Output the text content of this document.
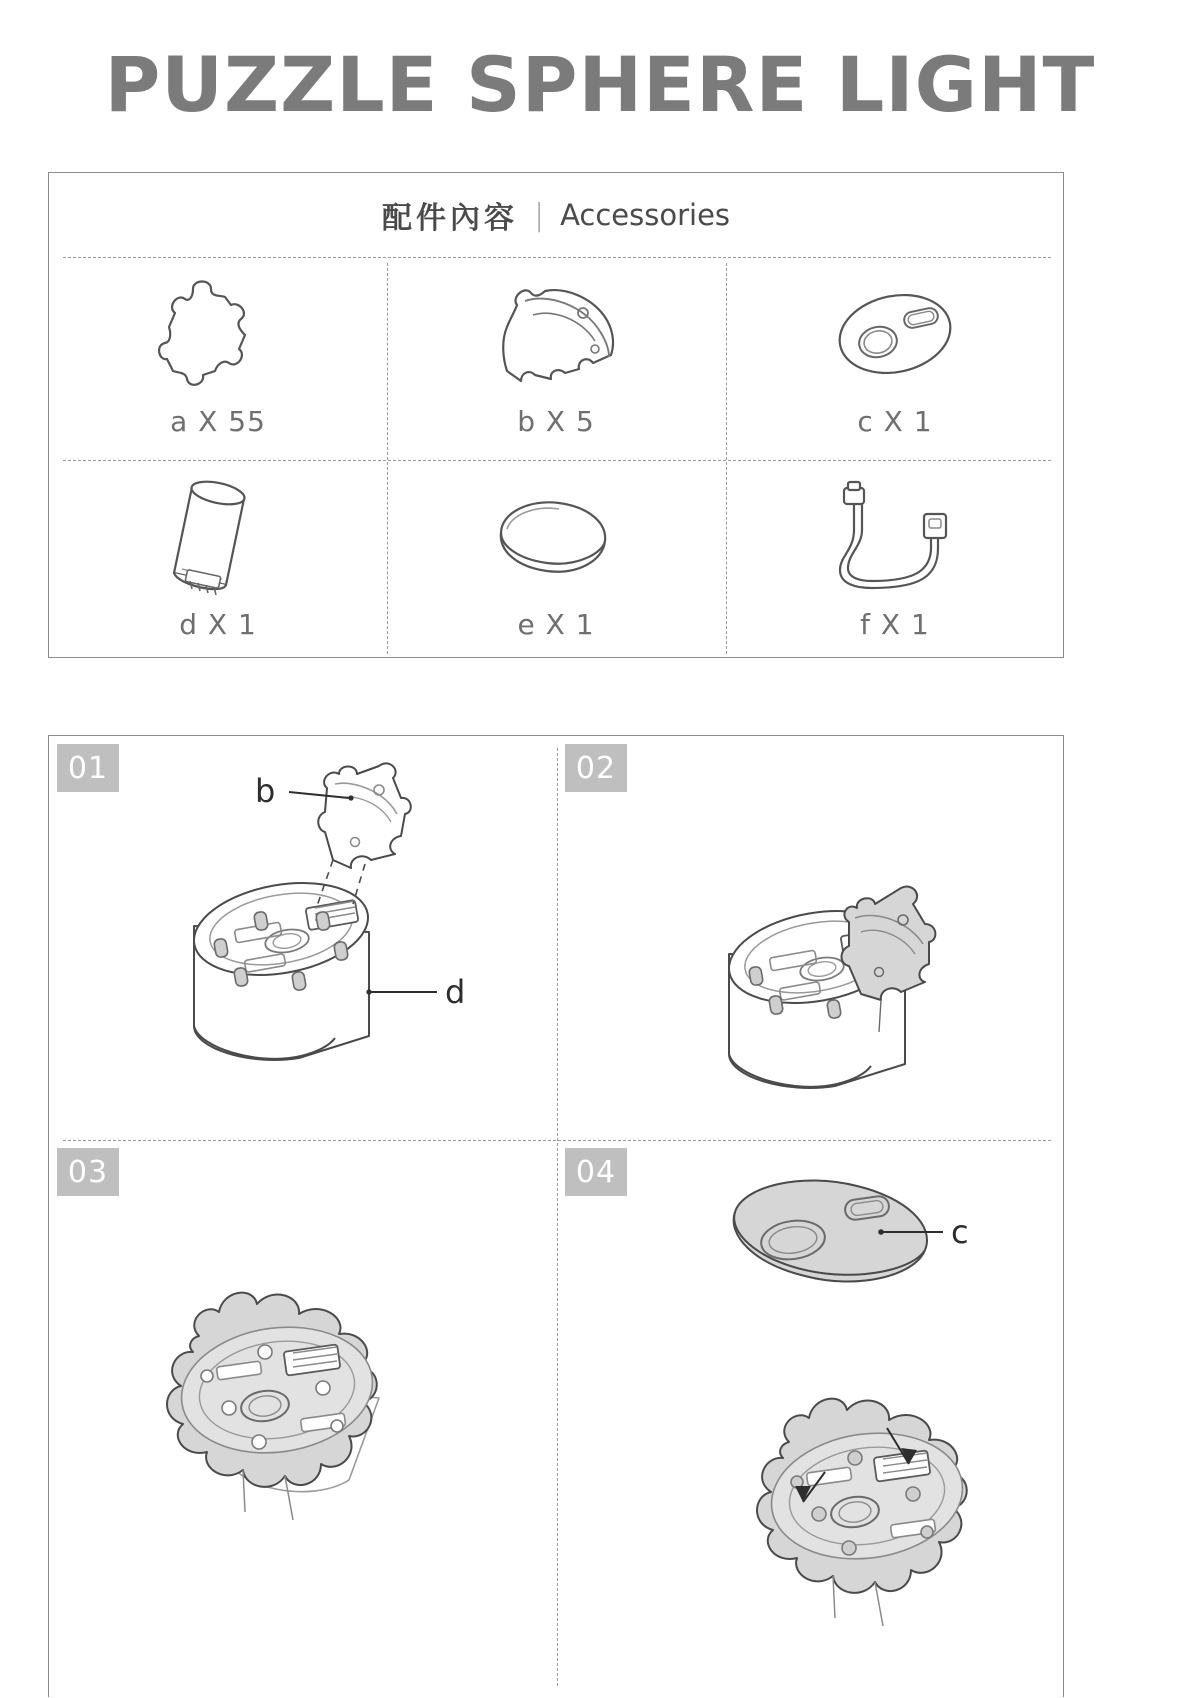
PUZZLE SPHERE LIGHT
配件內容 | Accessories
a X 55	b X 5	c X 1
d X 1	e X 1	f X 1
01
b
d
02
03	04
c
